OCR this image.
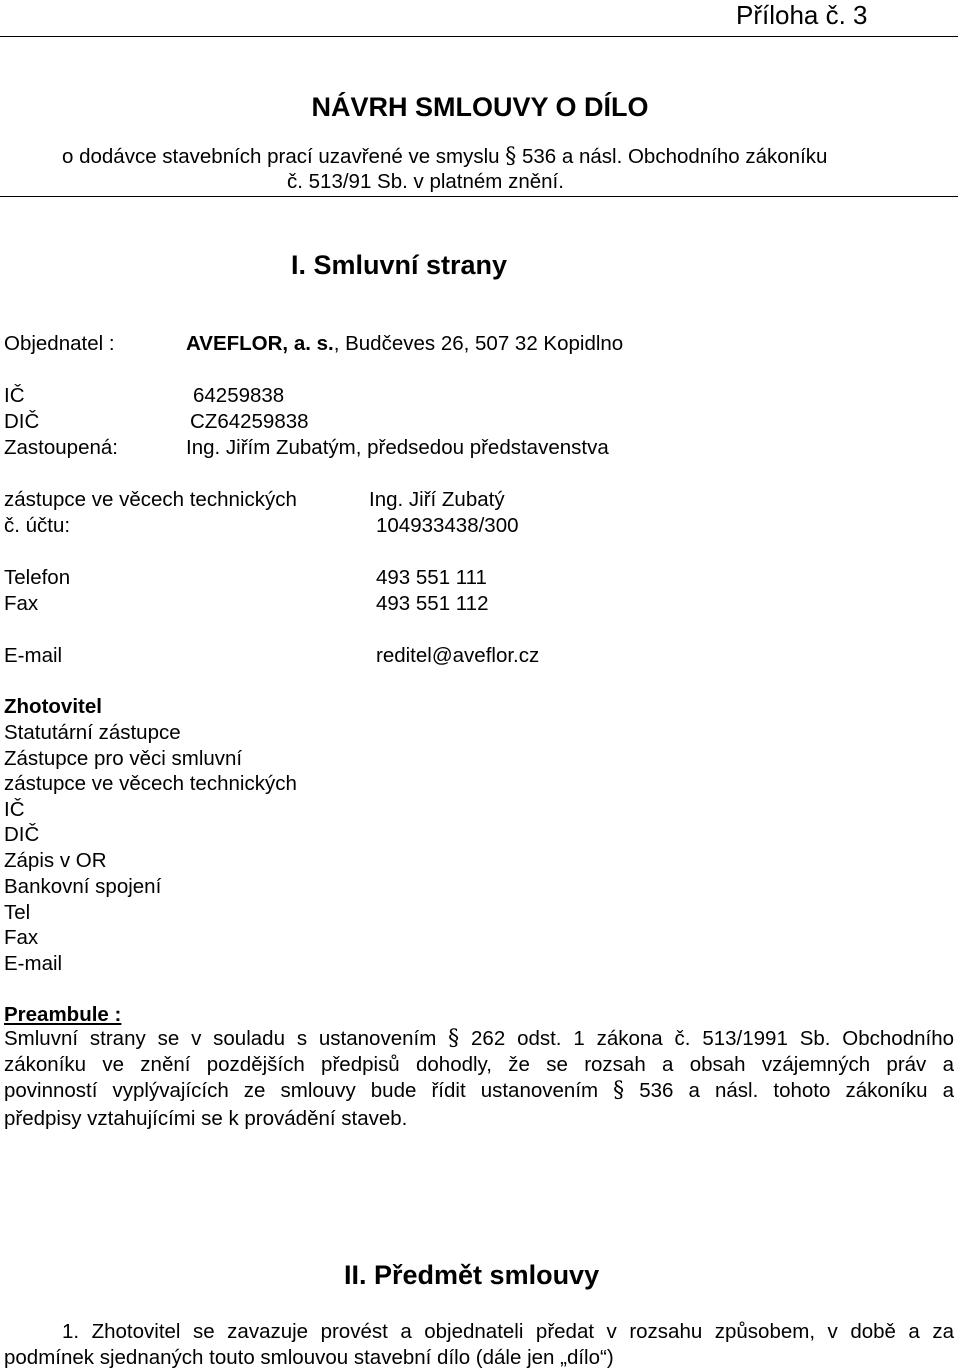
Příloha č. 3
NÁVRH SMLOUVY O DÍLO
o dodávce stavebních prací uzavřené ve smyslu § 536 a násl. Obchodního zákoníku
č. 513/91 Sb. v platném znění.
I. Smluvní strany
Objednatel :	AVEFLOR, a. s., Budčeves 26, 507 32 Kopidlno
IČ	64259838
DIČ	CZ64259838
Zastoupená:	Ing. Jiřím Zubatým, předsedou představenstva
zástupce ve věcech technických	Ing. Jiří Zubatý
č. účtu:	104933438/300
Telefon	493 551 111
Fax	493 551 112
E-mail	reditel@aveflor.cz
Zhotovitel
Statutární zástupce
Zástupce pro věci smluvní
zástupce ve věcech technických
IČ
DIČ
Zápis v OR
Bankovní spojení
Tel
Fax
E-mail
Preambule :
Smluvní strany se v souladu s ustanovením § 262 odst. 1 zákona č. 513/1991 Sb. Obchodního
zákoníku ve znění pozdějších předpisů dohodly, že se rozsah a obsah vzájemných práv a
povinností vyplývajících ze smlouvy bude řídit ustanovením § 536 a násl. tohoto zákoníku a
předpisy vztahujícími se k provádění staveb.
II. Předmět smlouvy
1. Zhotovitel se zavazuje provést a objednateli předat v rozsahu způsobem, v době a za
podmínek sjednaných touto smlouvou stavební dílo (dále jen „dílo“)
